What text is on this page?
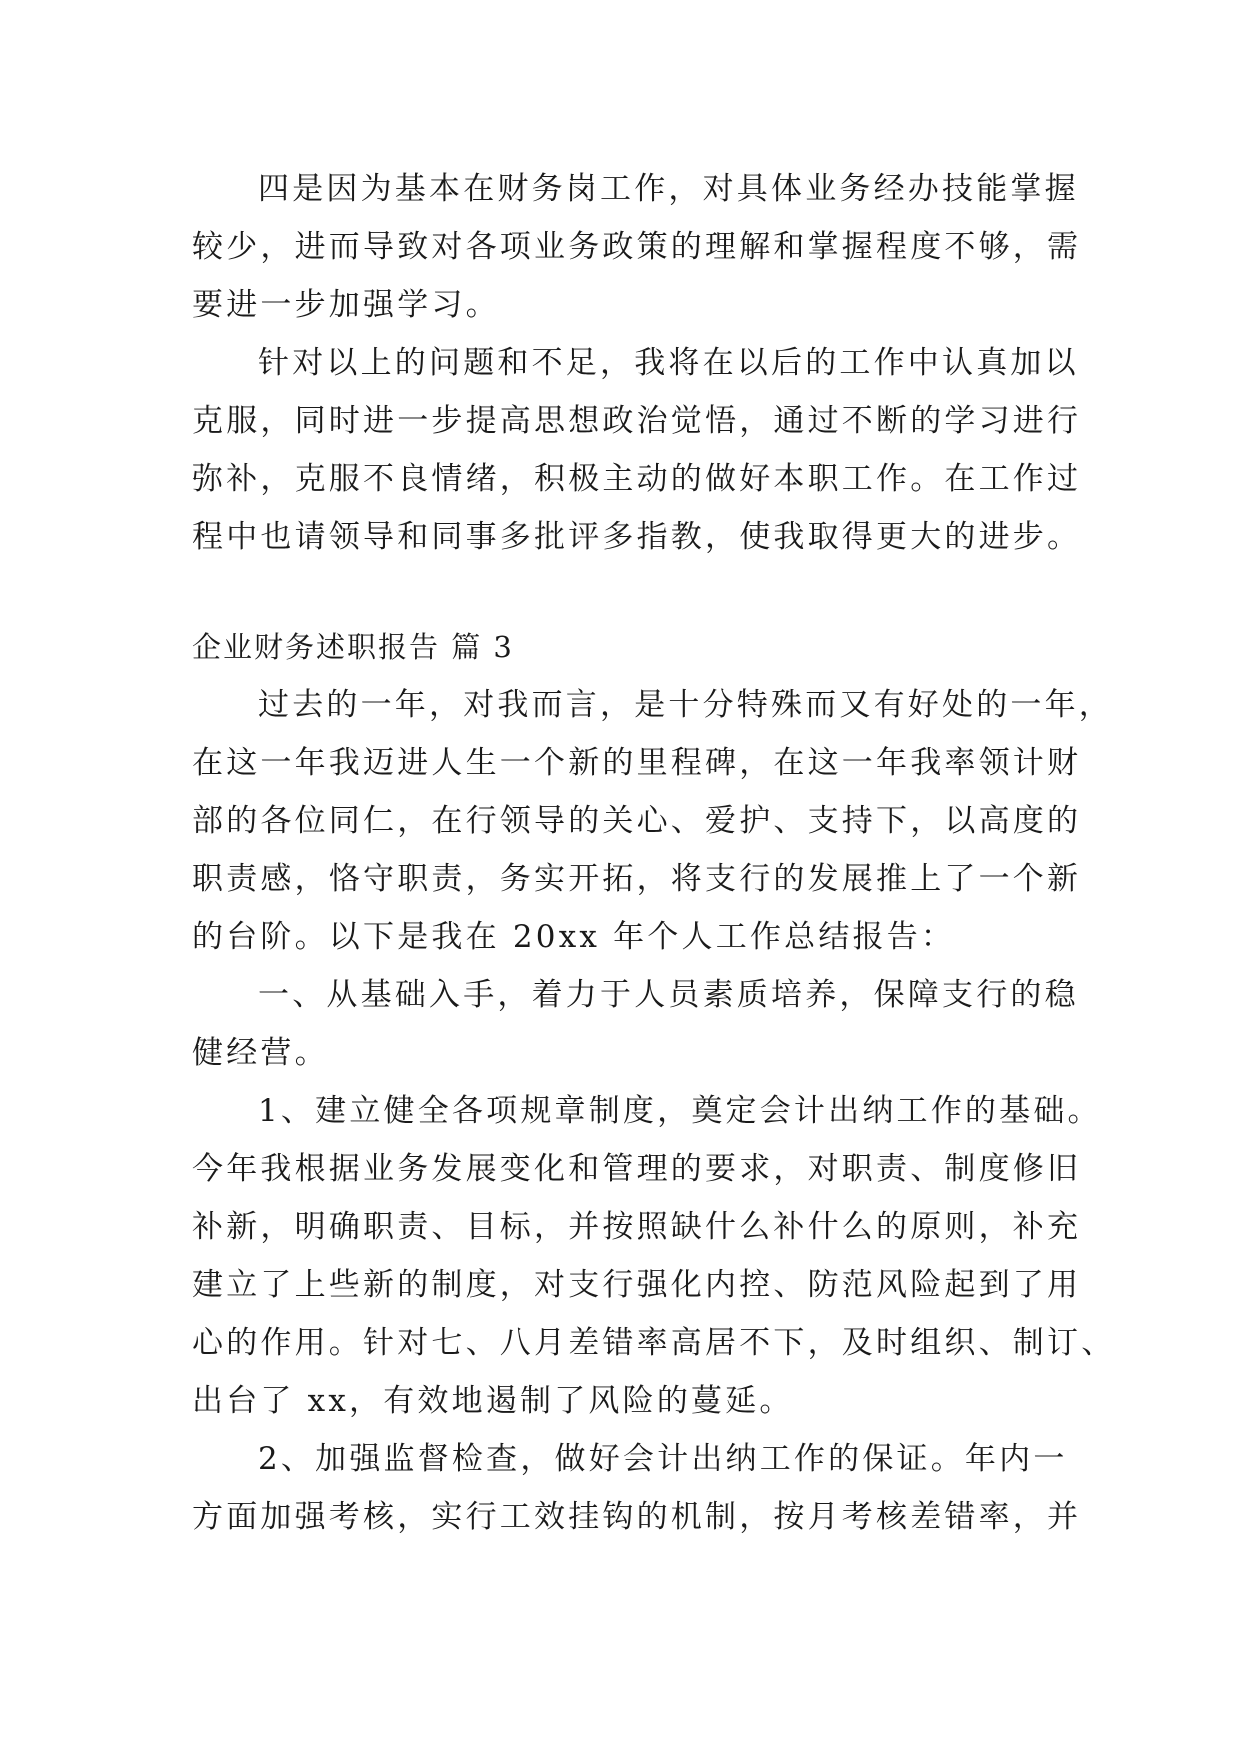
四是因为基本在财务岗工作，对具体业务经办技能掌握
较少，进而导致对各项业务政策的理解和掌握程度不够，需
要进一步加强学习。
针对以上的问题和不足，我将在以后的工作中认真加以
克服，同时进一步提高思想政治觉悟，通过不断的学习进行
弥补，克服不良情绪，积极主动的做好本职工作。在工作过
程中也请领导和同事多批评多指教，使我取得更大的进步。
企业财务述职报告 篇 3
过去的一年，对我而言，是十分特殊而又有好处的一年，
在这一年我迈进人生一个新的里程碑，在这一年我率领计财
部的各位同仁，在行领导的关心、爱护、支持下，以高度的
职责感，恪守职责，务实开拓，将支行的发展推上了一个新
的台阶。以下是我在 20xx 年个人工作总结报告：
一、从基础入手，着力于人员素质培养，保障支行的稳
健经营。
1、建立健全各项规章制度，奠定会计出纳工作的基础。
今年我根据业务发展变化和管理的要求，对职责、制度修旧
补新，明确职责、目标，并按照缺什么补什么的原则，补充
建立了上些新的制度，对支行强化内控、防范风险起到了用
心的作用。针对七、八月差错率高居不下，及时组织、制订、
出台了 xx，有效地遏制了风险的蔓延。
2、加强监督检查，做好会计出纳工作的保证。年内一
方面加强考核，实行工效挂钩的机制，按月考核差错率，并
